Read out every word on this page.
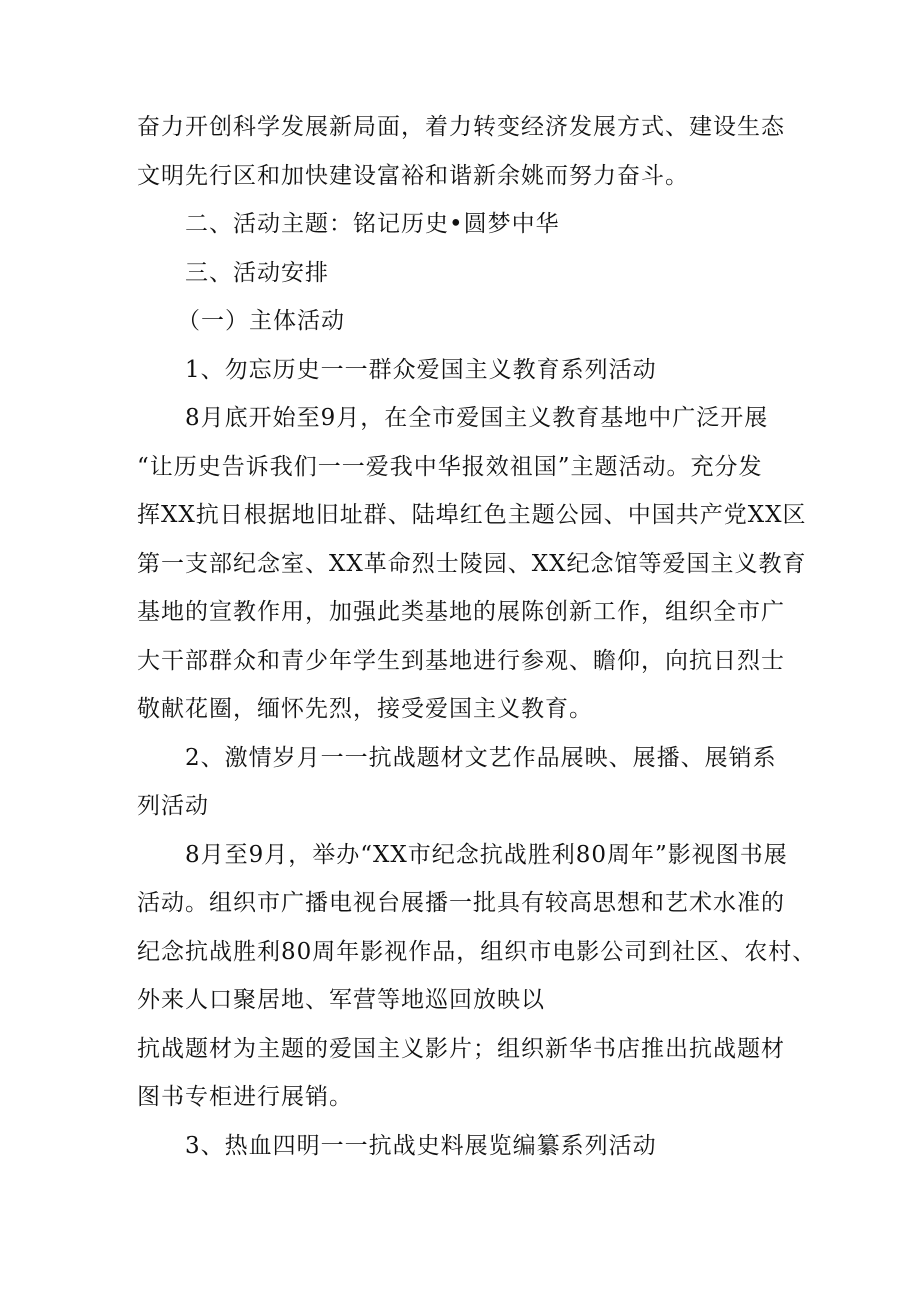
奋力开创科学发展新局面，着力转变经济发展方式、建设生态
文明先行区和加快建设富裕和谐新余姚而努力奋斗。
二、活动主题：铭记历史•圆梦中华
三、活动安排
（一）主体活动
1、勿忘历史一一群众爱国主义教育系列活动
8月底开始至9月，在全市爱国主义教育基地中广泛开展
“让历史告诉我们一一爱我中华报效祖国”主题活动。充分发
挥XX抗日根据地旧址群、陆埠红色主题公园、中国共产党XX区
第一支部纪念室、XX革命烈士陵园、XX纪念馆等爱国主义教育
基地的宣教作用，加强此类基地的展陈创新工作，组织全市广
大干部群众和青少年学生到基地进行参观、瞻仰，向抗日烈士
敬献花圈，缅怀先烈，接受爱国主义教育。
2、激情岁月一一抗战题材文艺作品展映、展播、展销系
列活动
8月至9月，举办“XX市纪念抗战胜利80周年”影视图书展
活动。组织市广播电视台展播一批具有较高思想和艺术水准的
纪念抗战胜利80周年影视作品，组织市电影公司到社区、农村、
外来人口聚居地、军营等地巡回放映以
抗战题材为主题的爱国主义影片；组织新华书店推出抗战题材
图书专柜进行展销。
3、热血四明一一抗战史料展览编纂系列活动
